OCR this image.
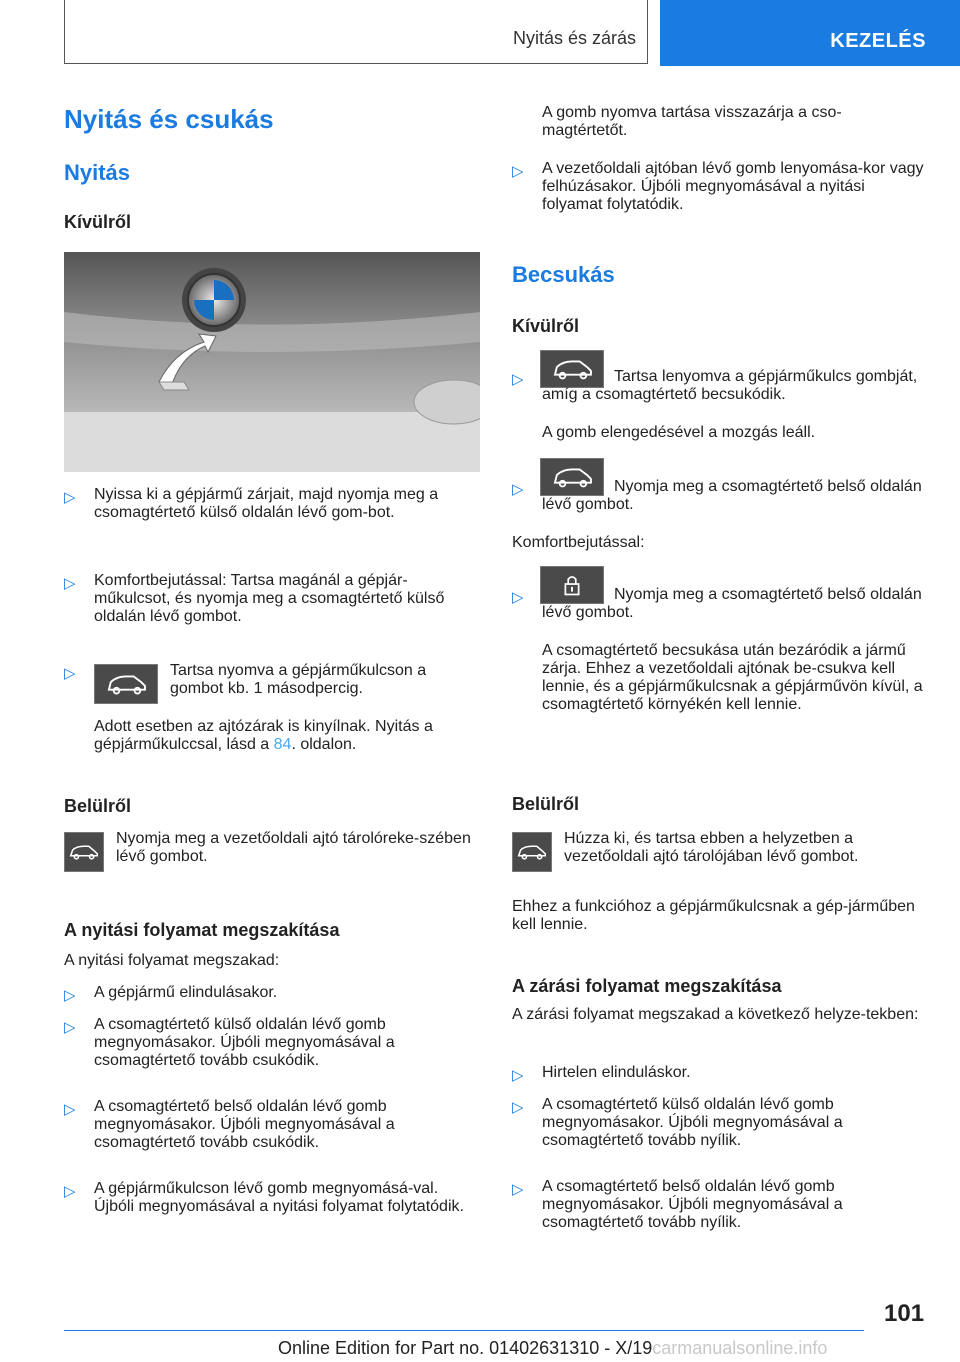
Nyitás és zárás	KEZELÉS
Nyitás és csukás
Nyitás
Kívülről
▷ Nyissa ki a gépjármű zárjait, majd nyomja meg a csomagtértető külső oldalán lévő gom-bot.
▷ Komfortbejutással: Tartsa magánál a gépjár-műkulcsot, és nyomja meg a csomagtértető külső oldalán lévő gombot.
▷	Tartsa nyomva a gépjárműkulcson a gombot kb. 1 másodpercig.
Adott esetben az ajtózárak is kinyílnak. Nyitás a gépjárműkulccsal, lásd a 84. oldalon.
Belülről
Nyomja meg a vezetőoldali ajtó tárolóreke-szében lévő gombot.
A nyitási folyamat megszakítása
A nyitási folyamat megszakad:
▷ A gépjármű elindulásakor.
▷ A csomagtértető külső oldalán lévő gomb megnyomásakor. Újbóli megnyomásával a csomagtértető tovább csukódik.
▷ A csomagtértető belső oldalán lévő gomb megnyomásakor. Újbóli megnyomásával a csomagtértető tovább csukódik.
▷ A gépjárműkulcson lévő gomb megnyomásá-val. Újbóli megnyomásával a nyitási folyamat folytatódik.
A gomb nyomva tartása visszazárja a cso-magtértetőt.
▷ A vezetőoldali ajtóban lévő gomb lenyomása-kor vagy felhúzásakor. Újbóli megnyomásával a nyitási folyamat folytatódik.
Becsukás
Kívülről
▷	Tartsa lenyomva a gépjárműkulcs gombját, amíg a csomagtértető becsukódik.
A gomb elengedésével a mozgás leáll.
▷	Nyomja meg a csomagtértető belső oldalán lévő gombot.
Komfortbejutással:
▷	Nyomja meg a csomagtértető belső oldalán lévő gombot.
A csomagtértető becsukása után bezáródik a jármű zárja. Ehhez a vezetőoldali ajtónak be-csukva kell lennie, és a gépjárműkulcsnak a gépjárművön kívül, a csomagtértető környékén kell lennie.
Belülről
Húzza ki, és tartsa ebben a helyzetben a vezetőoldali ajtó tárolójában lévő gombot.
Ehhez a funkcióhoz a gépjárműkulcsnak a gép-járműben kell lennie.
A zárási folyamat megszakítása
A zárási folyamat megszakad a következő helyze-tekben:
▷ Hirtelen elinduláskor.
▷ A csomagtértető külső oldalán lévő gomb megnyomásakor. Újbóli megnyomásával a csomagtértető tovább nyílik.
▷ A csomagtértető belső oldalán lévő gomb megnyomásakor. Újbóli megnyomásával a csomagtértető tovább nyílik.
101
Online Edition for Part no. 01402631310 - X/19carmanualsonline.info
